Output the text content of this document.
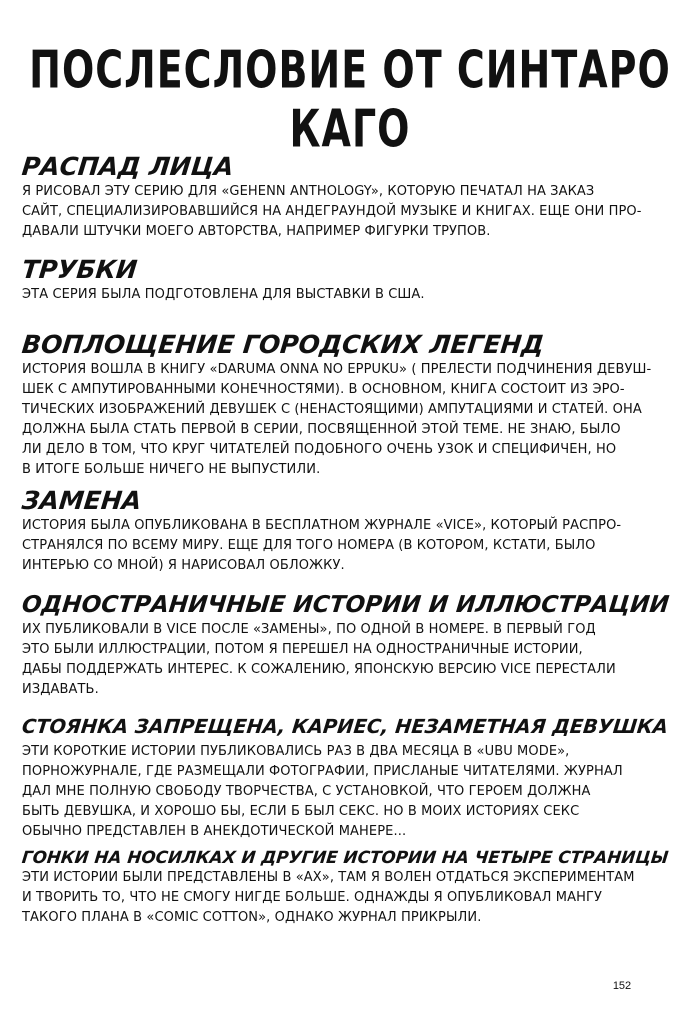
ПОСЛЕСЛОВИЕ ОТ СИНТАРО КАГО
РАСПАД ЛИЦА

Я РИСОВАЛ ЭТУ СЕРИЮ ДЛЯ «GEHENN ANTHOLOGY», КОТОРУЮ ПЕЧАТАЛ НА ЗАКАЗ
САЙТ, СПЕЦИАЛИЗИРОВАВШИЙСЯ НА АНДЕГРАУНДОЙ МУЗЫКЕ И КНИГАХ. ЕЩЕ ОНИ ПРО-
ДАВАЛИ ШТУЧКИ МОЕГО АВТОРСТВА, НАПРИМЕР ФИГУРКИ ТРУПОВ.

ТРУБКИ

ЭТА СЕРИЯ БЫЛА ПОДГОТОВЛЕНА ДЛЯ ВЫСТАВКИ В США.

ВОПЛОЩЕНИЕ ГОРОДСКИХ ЛЕГЕНД

ИСТОРИЯ ВОШЛА В КНИГУ «DARUMA ONNA NO EPPUKU» ( ПРЕЛЕСТИ ПОДЧИНЕНИЯ ДЕВУШ-
ШЕК С АМПУТИРОВАННЫМИ КОНЕЧНОСТЯМИ). В ОСНОВНОМ, КНИГА СОСТОИТ ИЗ ЭРО-
ТИЧЕСКИХ ИЗОБРАЖЕНИЙ ДЕВУШЕК С (НЕНАСТОЯЩИМИ) АМПУТАЦИЯМИ И СТАТЕЙ. ОНА
ДОЛЖНА БЫЛА СТАТЬ ПЕРВОЙ В СЕРИИ, ПОСВЯЩЕННОЙ ЭТОЙ ТЕМЕ. НЕ ЗНАЮ, БЫЛО
ЛИ ДЕЛО В ТОМ, ЧТО КРУГ ЧИТАТЕЛЕЙ ПОДОБНОГО ОЧЕНЬ УЗОК И СПЕЦИФИЧЕН, НО
В ИТОГЕ БОЛЬШЕ НИЧЕГО НЕ ВЫПУСТИЛИ.

ЗАМЕНА

ИСТОРИЯ БЫЛА ОПУБЛИКОВАНА В БЕСПЛАТНОМ ЖУРНАЛЕ «VICE», КОТОРЫЙ РАСПРО-
СТРАНЯЛСЯ ПО ВСЕМУ МИРУ. ЕЩЕ ДЛЯ ТОГО НОМЕРА (В КОТОРОМ, КСТАТИ, БЫЛО
ИНТЕРЬЮ СО МНОЙ) Я НАРИСОВАЛ ОБЛОЖКУ.

ОДНОСТРАНИЧНЫЕ ИСТОРИИ И ИЛЛЮСТРАЦИИ

ИХ ПУБЛИКОВАЛИ В VICE ПОСЛЕ «ЗАМЕНЫ», ПО ОДНОЙ В НОМЕРЕ. В ПЕРВЫЙ ГОД
ЭТО БЫЛИ ИЛЛЮСТРАЦИИ, ПОТОМ Я ПЕРЕШЕЛ НА ОДНОСТРАНИЧНЫЕ ИСТОРИИ,
ДАБЫ ПОДДЕРЖАТЬ ИНТЕРЕС. К СОЖАЛЕНИЮ, ЯПОНСКУЮ ВЕРСИЮ VICE ПЕРЕСТАЛИ
ИЗДАВАТЬ.

СТОЯНКА ЗАПРЕЩЕНА, КАРИЕС, НЕЗАМЕТНАЯ ДЕВУШКА

ЭТИ КОРОТКИЕ ИСТОРИИ ПУБЛИКОВАЛИСЬ РАЗ В ДВА МЕСЯЦА В «UBU MODE»,
ПОРНОЖУРНАЛЕ, ГДЕ РАЗМЕЩАЛИ ФОТОГРАФИИ, ПРИСЛАНЫЕ ЧИТАТЕЛЯМИ. ЖУРНАЛ
ДАЛ МНЕ ПОЛНУЮ СВОБОДУ ТВОРЧЕСТВА, С УСТАНОВКОЙ, ЧТО ГЕРОЕМ ДОЛЖНА
БЫТЬ ДЕВУШКА, И ХОРОШО БЫ, ЕСЛИ Б БЫЛ СЕКС. НО В МОИХ ИСТОРИЯХ СЕКС
ОБЫЧНО ПРЕДСТАВЛЕН В АНЕКДОТИЧЕСКОЙ МАНЕРЕ...

ГОНКИ НА НОСИЛКАХ И ДРУГИЕ ИСТОРИИ НА ЧЕТЫРЕ СТРАНИЦЫ

ЭТИ ИСТОРИИ БЫЛИ ПРЕДСТАВЛЕНЫ В «АХ», ТАМ Я ВОЛЕН ОТДАТЬСЯ ЭКСПЕРИМЕНТАМ
И ТВОРИТЬ ТО, ЧТО НЕ СМОГУ НИГДЕ БОЛЬШЕ. ОДНАЖДЫ Я ОПУБЛИКОВАЛ МАНГУ
ТАКОГО ПЛАНА В «COMIC COTTON», ОДНАКО ЖУРНАЛ ПРИКРЫЛИ.

152
